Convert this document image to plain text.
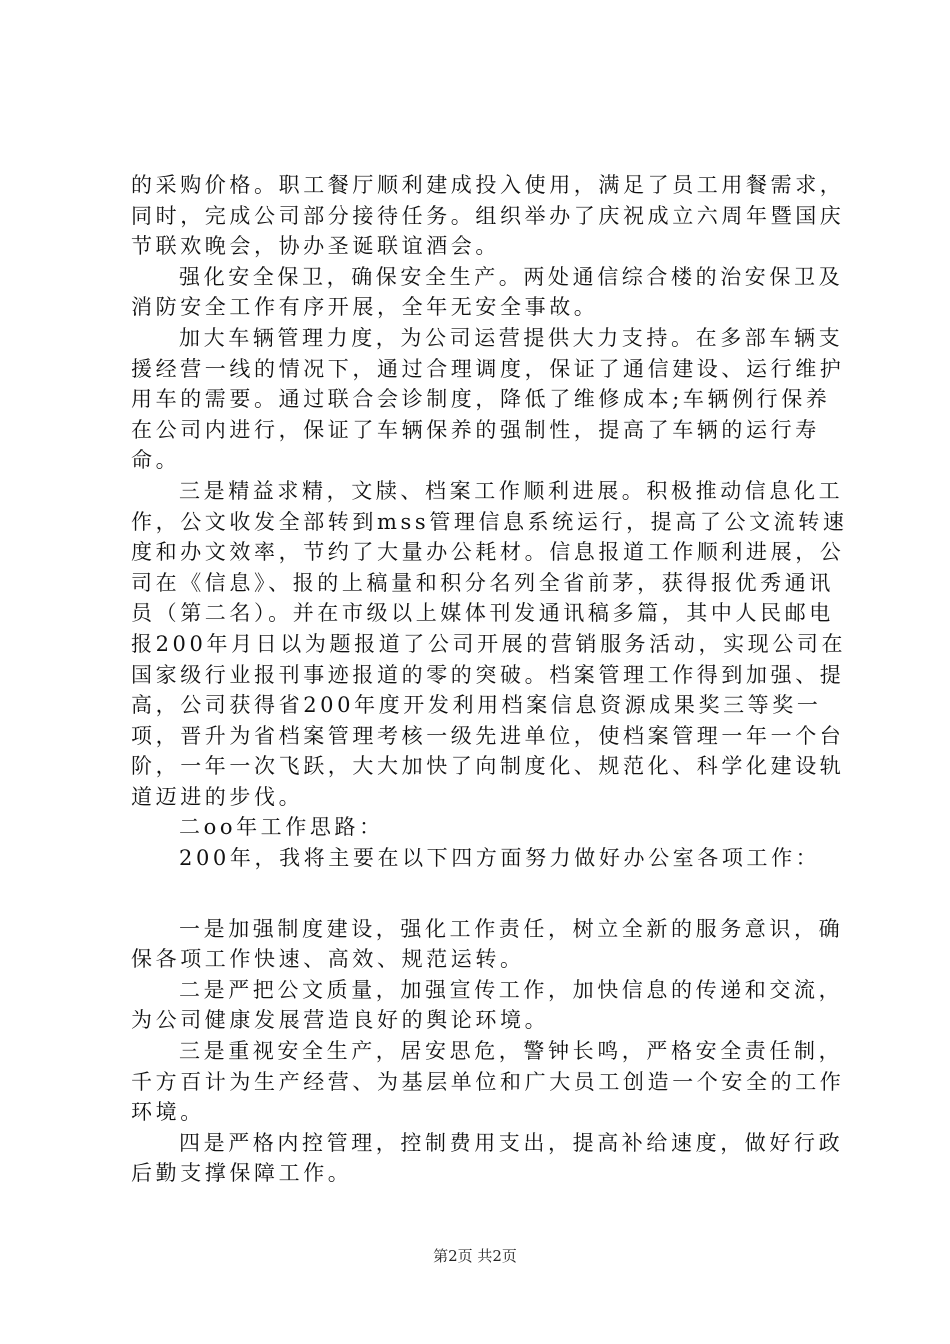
的采购价格。职工餐厅顺利建成投入使用，满足了员工用餐需求，同时，完成公司部分接待任务。组织举办了庆祝成立六周年暨国庆节联欢晚会，协办圣诞联谊酒会。

强化安全保卫，确保安全生产。两处通信综合楼的治安保卫及消防安全工作有序开展，全年无安全事故。

加大车辆管理力度，为公司运营提供大力支持。在多部车辆支援经营一线的情况下，通过合理调度，保证了通信建设、运行维护用车的需要。通过联合会诊制度，降低了维修成本;车辆例行保养在公司内进行，保证了车辆保养的强制性，提高了车辆的运行寿命。

三是精益求精，文牍、档案工作顺利进展。积极推动信息化工作，公文收发全部转到mss管理信息系统运行，提高了公文流转速度和办文效率，节约了大量办公耗材。信息报道工作顺利进展，公司在《信息》、报的上稿量和积分名列全省前茅，获得报优秀通讯员（第二名）。并在市级以上媒体刊发通讯稿多篇，其中人民邮电报200年月日以为题报道了公司开展的营销服务活动，实现公司在国家级行业报刊事迹报道的零的突破。档案管理工作得到加强、提高，公司获得省200年度开发利用档案信息资源成果奖三等奖一项，晋升为省档案管理考核一级先进单位，使档案管理一年一个台阶，一年一次飞跃，大大加快了向制度化、规范化、科学化建设轨道迈进的步伐。

二oo年工作思路：

200年，我将主要在以下四方面努力做好办公室各项工作：

一是加强制度建设，强化工作责任，树立全新的服务意识，确保各项工作快速、高效、规范运转。

二是严把公文质量，加强宣传工作，加快信息的传递和交流，为公司健康发展营造良好的舆论环境。

三是重视安全生产，居安思危，警钟长鸣，严格安全责任制，千方百计为生产经营、为基层单位和广大员工创造一个安全的工作环境。

四是严格内控管理，控制费用支出，提高补给速度，做好行政后勤支撑保障工作。

第2页 共2页
